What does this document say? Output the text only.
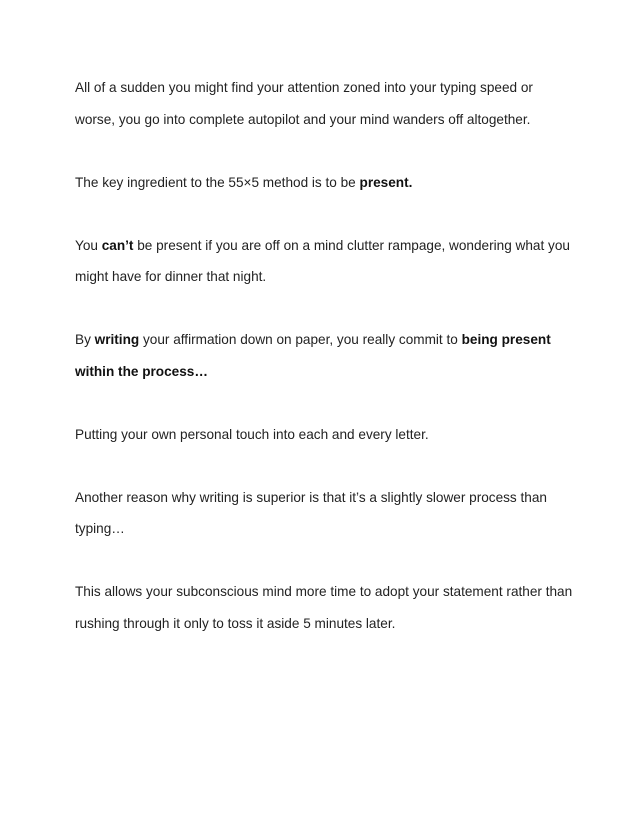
All of a sudden you might find your attention zoned into your typing speed or worse, you go into complete autopilot and your mind wanders off altogether.

The key ingredient to the 55×5 method is to be present.

You can’t be present if you are off on a mind clutter rampage, wondering what you might have for dinner that night.

By writing your affirmation down on paper, you really commit to being present within the process…

Putting your own personal touch into each and every letter.

Another reason why writing is superior is that it’s a slightly slower process than typing…

This allows your subconscious mind more time to adopt your statement rather than rushing through it only to toss it aside 5 minutes later.
